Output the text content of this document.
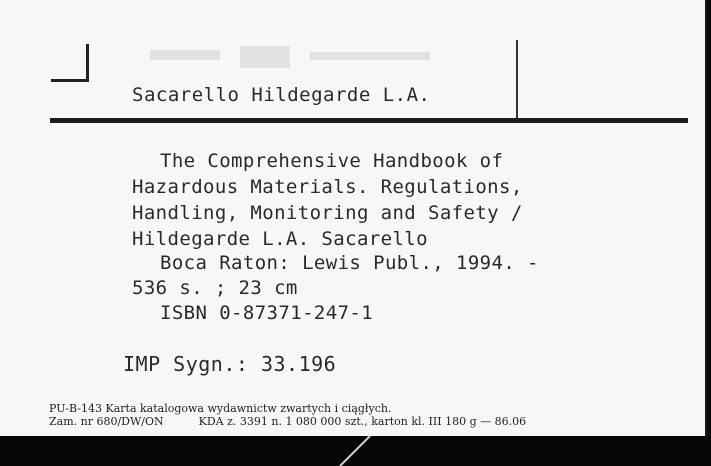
Sacarello Hildegarde L.A.
The Comprehensive Handbook of
Hazardous Materials. Regulations,
Handling, Monitoring and Safety /
Hildegarde L.A. Sacarello
Boca Raton: Lewis Publ., 1994. -
536 s. ; 23 cm
ISBN 0-87371-247-1
IMP Sygn.: 33.196
PU-B-143 Karta katalogowa wydawnictw zwartych i ciągłych.
Zam. nr 680/DW/ON          KDA z. 3391 n. 1 080 000 szt., karton kl. III 180 g — 86.06
